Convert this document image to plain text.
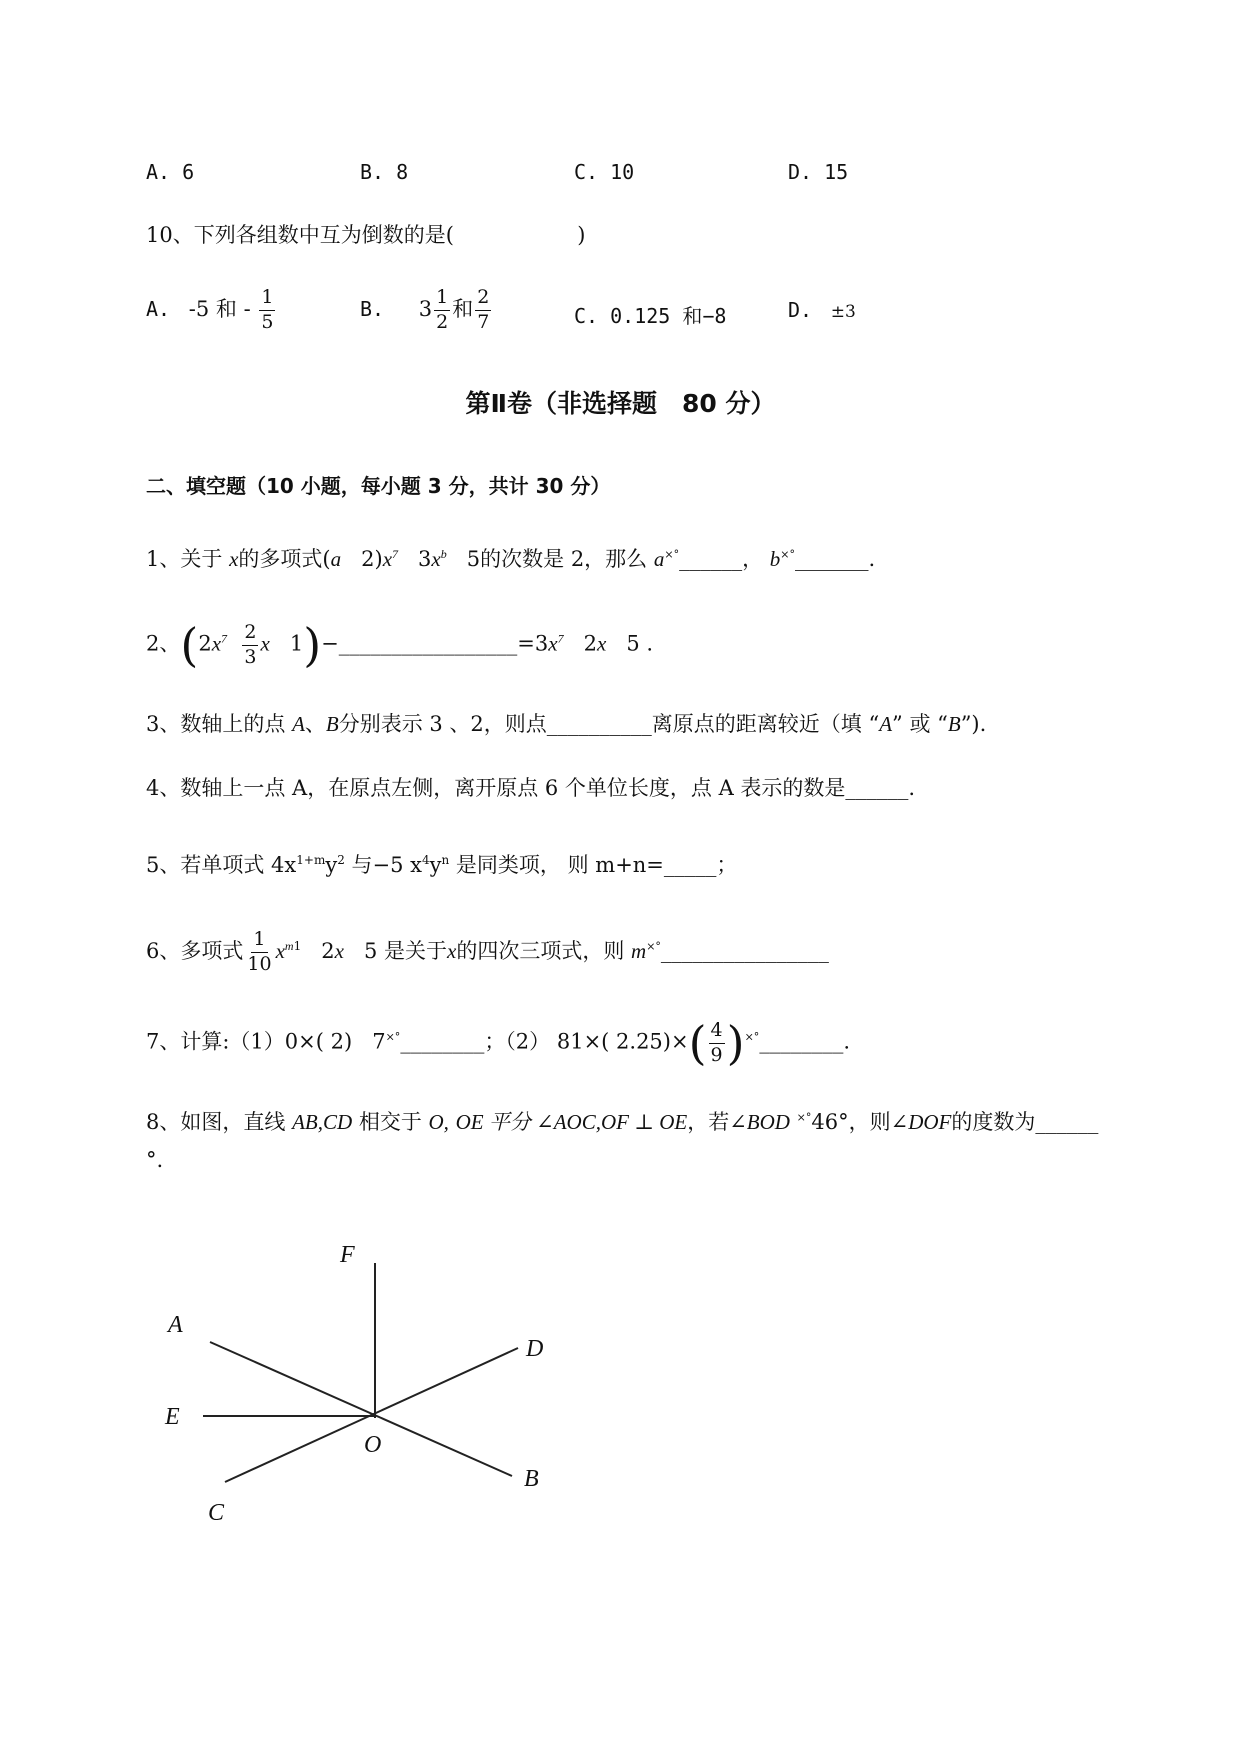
A. 6	B. 8	C. 10	D. 15
10、下列各组数中互为倒数的是(	)
A. -5 和 - $\frac{1}{5}$	B. $3 \frac{1}{2}$ 和 $\frac{2}{7}$	C. 0.125 和−8	D. ±3
第Ⅱ卷（非选择题　80 分）
二、填空题（10 小题，每小题 3 分，共计 30 分）
1、关于 x的多项式(a $2)x^7$ $3x^b$ 5的次数是 2，那么 a×°______， b×°_______.
2、($2x^7 \frac{2}{3}$ x $1)-\_\_\_\_\_\_\_\_\_\_\_\_\_\_\_\_\_=3x^7$ 2x 5 .
3、数轴上的点 A、B分别表示 3 、2，则点__________离原点的距离较近（填 “A” 或 “B”).
4、数轴上一点 A，在原点左侧，离开原点 6 个单位长度，点 A 表示的数是______.
5、若单项式 $4x^{1+m}y^2$ 与−5 $x^4y^n$ 是同类项， 则 m+n=_____；
6、多项式 $\frac{1}{10} x^{m1}$ 2x 5 是关于x的四次三项式，则 m×°________________
7、计算:（1）0×( 2) 7×°________；（2） 81×( $2.25)\times( \frac{4}{9}$ )×°________.
8、如图，直线 AB,CD 相交于 O, OE 平分 ∠AOC,OF ⊥ OE，若∠BOD ×°46°，则∠DOF的度数为______
°.
F
A
D
E
O
B
C
